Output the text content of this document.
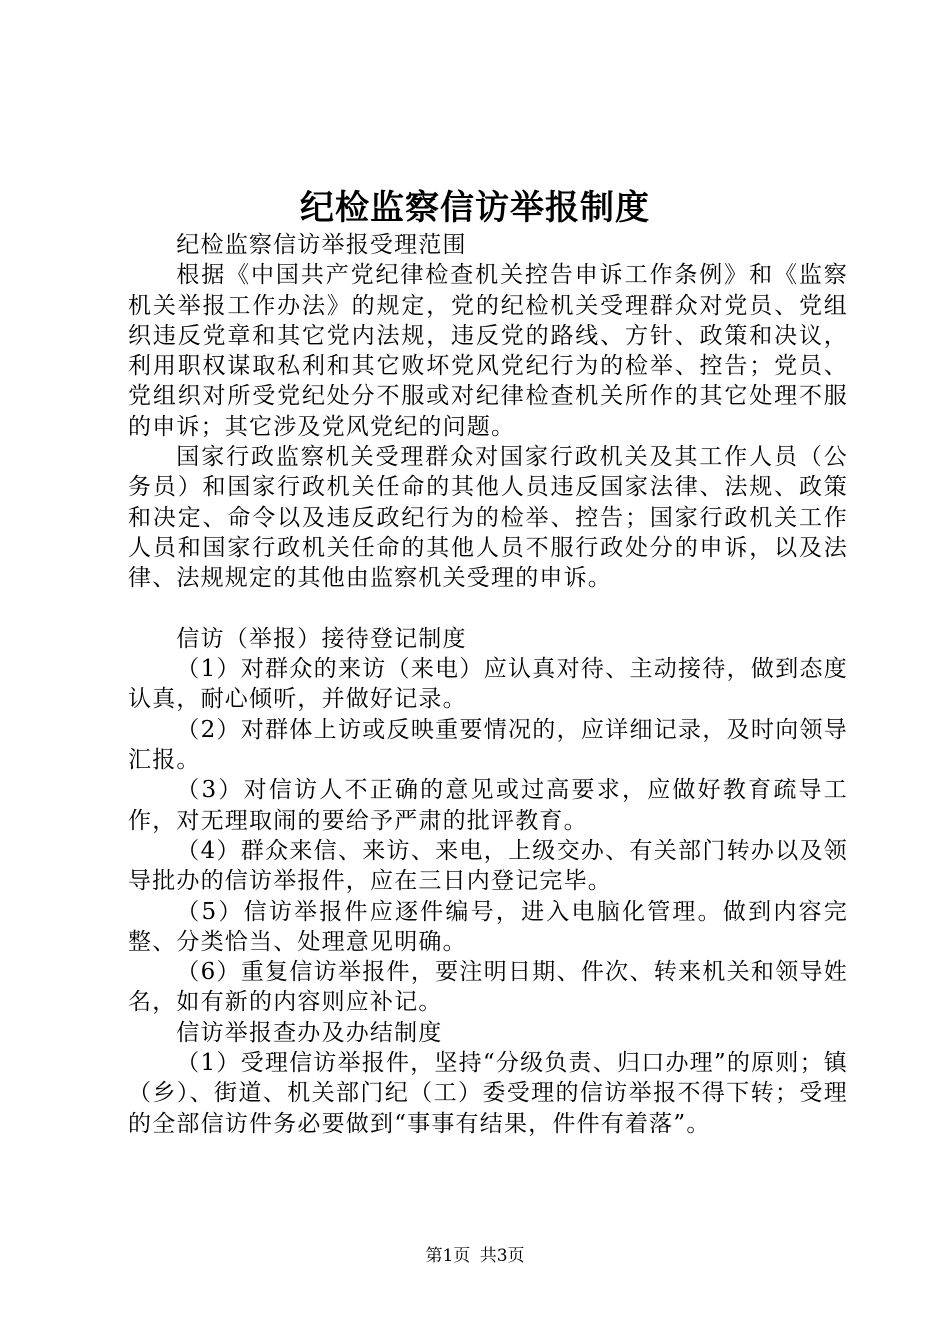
纪检监察信访举报制度

纪检监察信访举报受理范围

根据《中国共产党纪律检查机关控告申诉工作条例》和《监察机关举报工作办法》的规定，党的纪检机关受理群众对党员、党组织违反党章和其它党内法规，违反党的路线、方针、政策和决议，利用职权谋取私利和其它败坏党风党纪行为的检举、控告；党员、党组织对所受党纪处分不服或对纪律检查机关所作的其它处理不服的申诉；其它涉及党风党纪的问题。

国家行政监察机关受理群众对国家行政机关及其工作人员（公务员）和国家行政机关任命的其他人员违反国家法律、法规、政策和决定、命令以及违反政纪行为的检举、控告；国家行政机关工作人员和国家行政机关任命的其他人员不服行政处分的申诉，以及法律、法规规定的其他由监察机关受理的申诉。

信访（举报）接待登记制度

（1）对群众的来访（来电）应认真对待、主动接待，做到态度认真，耐心倾听，并做好记录。

（2）对群体上访或反映重要情况的，应详细记录，及时向领导汇报。

（3）对信访人不正确的意见或过高要求，应做好教育疏导工作，对无理取闹的要给予严肃的批评教育。

（4）群众来信、来访、来电，上级交办、有关部门转办以及领导批办的信访举报件，应在三日内登记完毕。

（5）信访举报件应逐件编号，进入电脑化管理。做到内容完整、分类恰当、处理意见明确。

（6）重复信访举报件，要注明日期、件次、转来机关和领导姓名，如有新的内容则应补记。

信访举报查办及办结制度

（1）受理信访举报件，坚持“分级负责、归口办理”的原则；镇（乡）、街道、机关部门纪（工）委受理的信访举报不得下转；受理的全部信访件务必要做到“事事有结果，件件有着落”。

第1页 共3页
